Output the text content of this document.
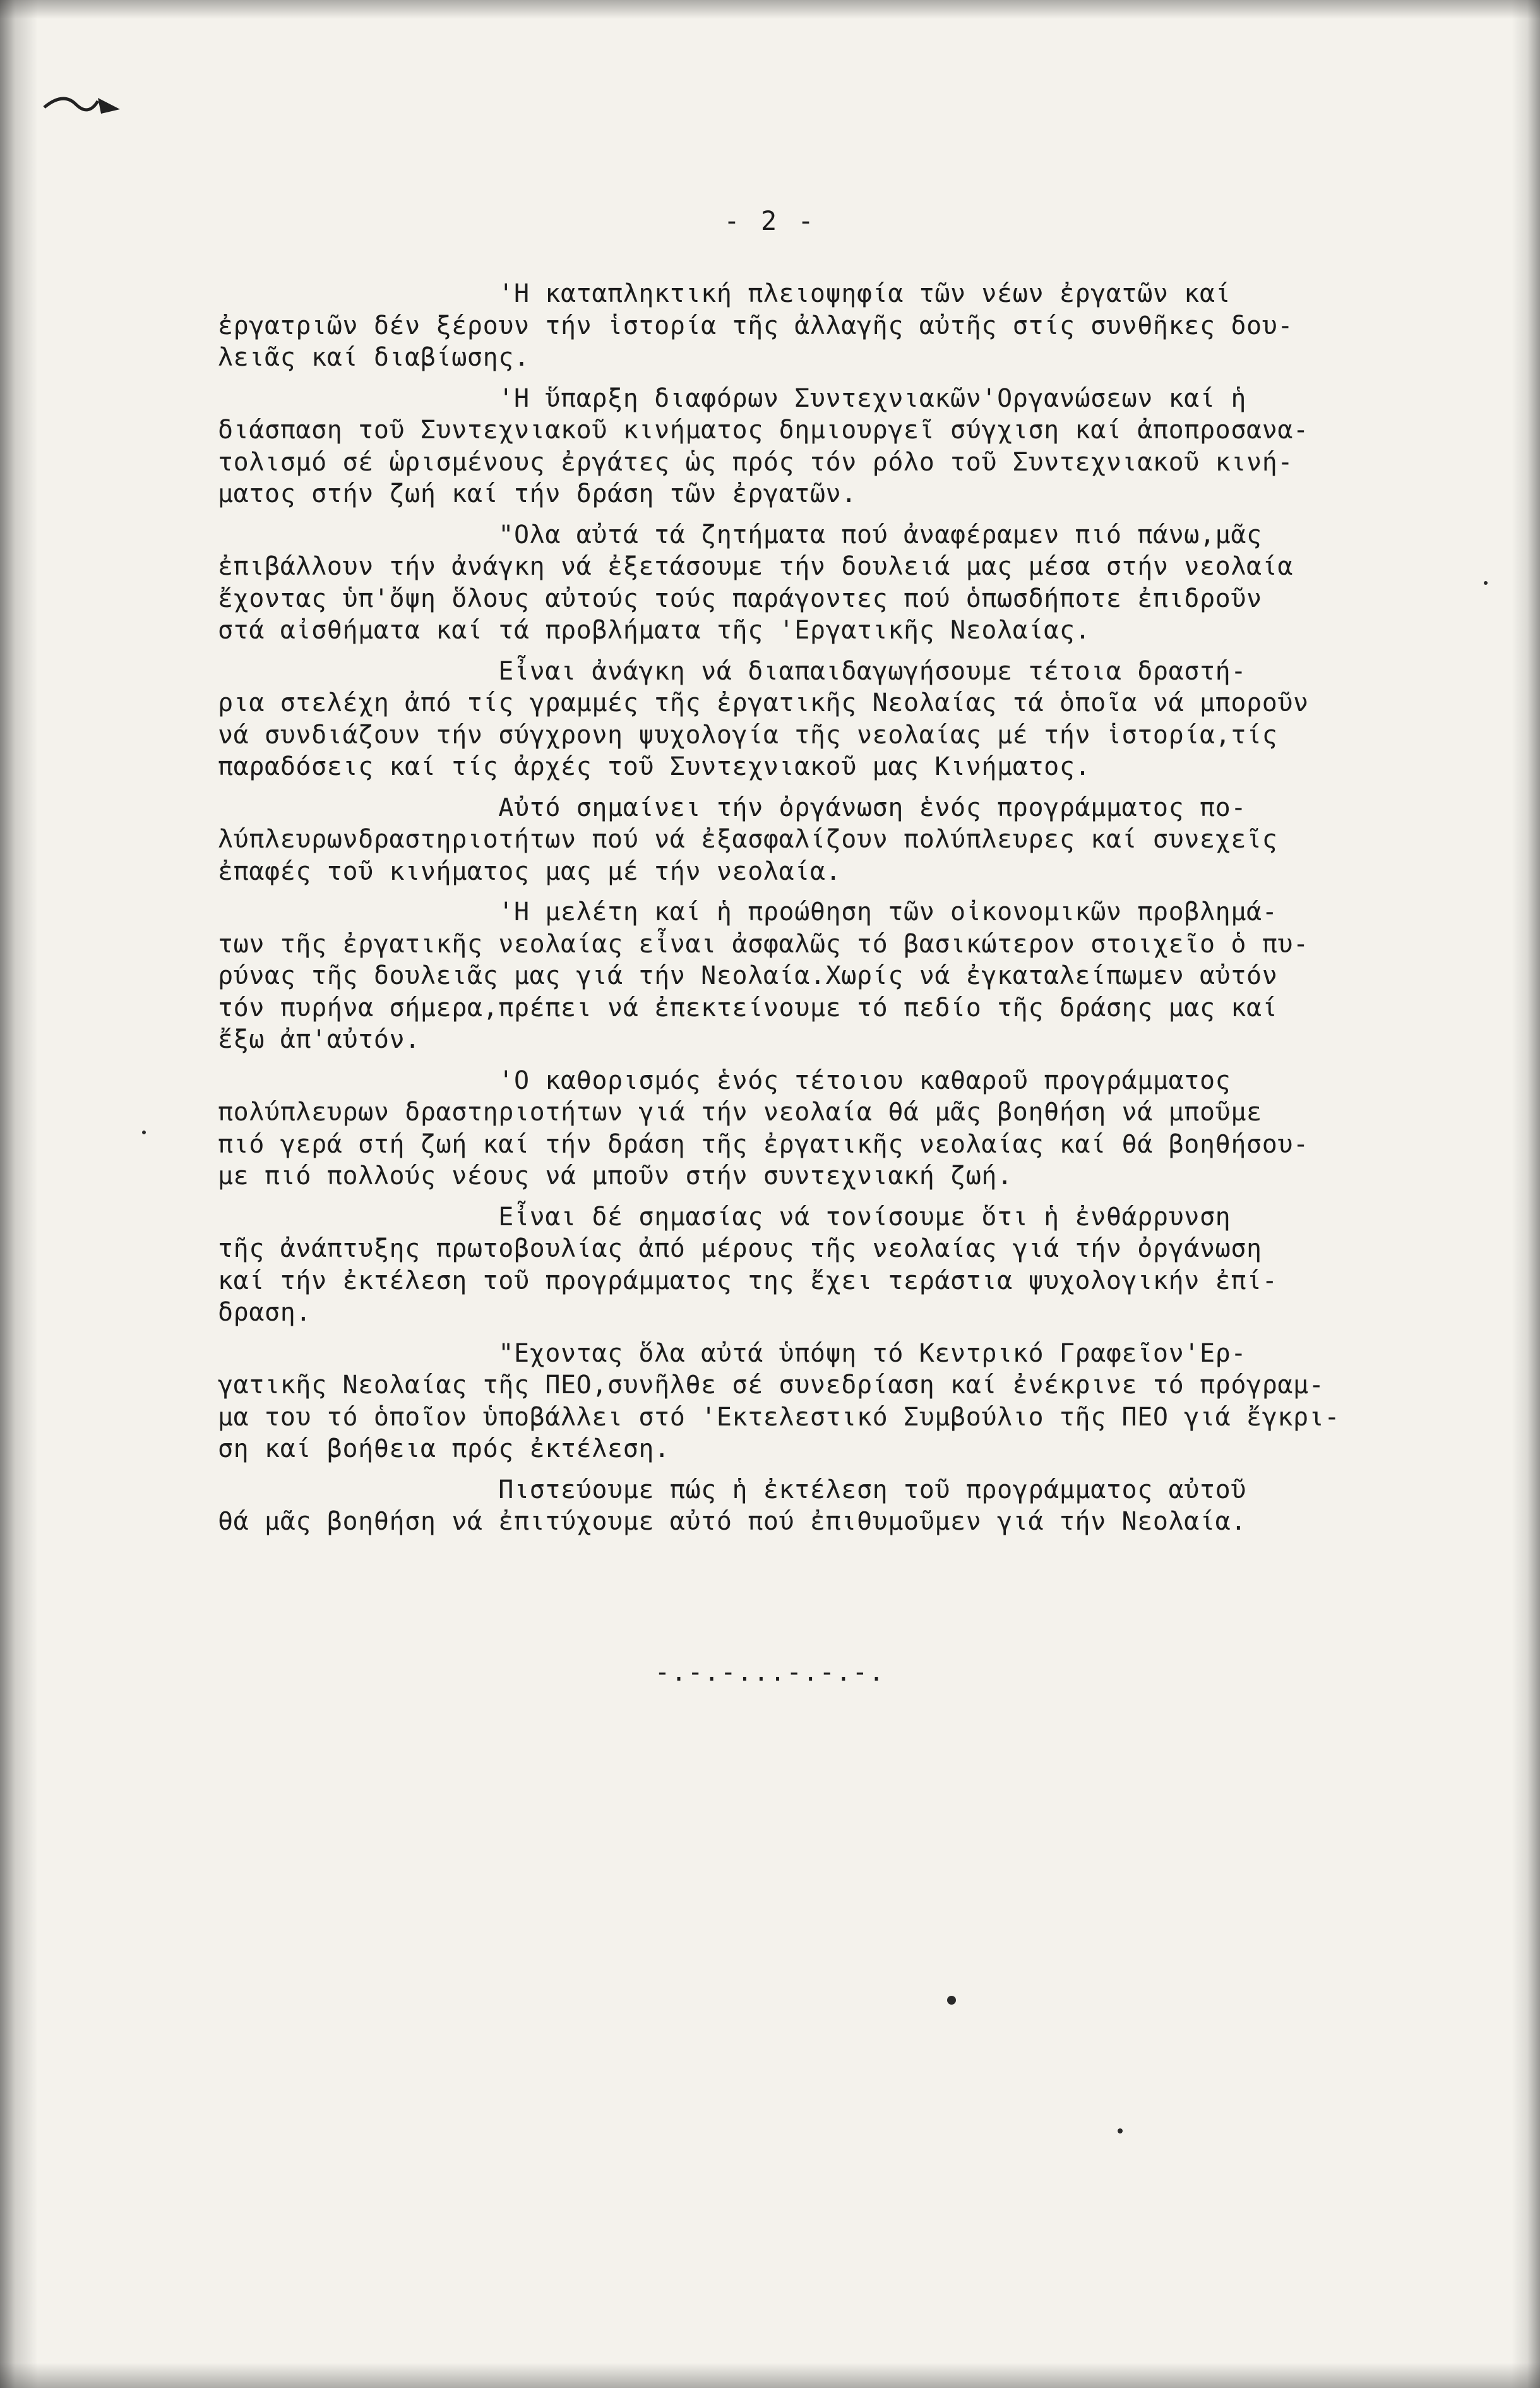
- 2 -

'Η καταπληκτική πλειοψηφία τῶν νέων ἐργατῶν καί
ἐργατριῶν δέν ξέρουν τήν ἱστορία τῆς ἀλλαγῆς αὐτῆς στίς συνθῆκες δου-
λειᾶς καί διαβίωσης.

'Η ὕπαρξη διαφόρων Συντεχνιακῶν'Οργανώσεων καί ἡ
διάσπαση τοῦ Συντεχνιακοῦ κινήματος δημιουργεῖ σύγχιση καί ἀποπροσανα-
τολισμό σέ ὡρισμένους ἐργάτες ὡς πρός τόν ρόλο τοῦ Συντεχνιακοῦ κινή-
ματος στήν ζωή καί τήν δράση τῶν ἐργατῶν.

"Ολα αὐτά τά ζητήματα πού ἀναφέραμεν πιό πάνω,μᾶς
ἐπιβάλλουν τήν ἀνάγκη νά ἐξετάσουμε τήν δουλειά μας μέσα στήν νεολαία
ἔχοντας ὑπ'ὄψη ὅλους αὐτούς τούς παράγοντες πού ὁπωσδήποτε ἐπιδροῦν
στά αἰσθήματα καί τά προβλήματα τῆς 'Εργατικῆς Νεολαίας.

Εἶναι ἀνάγκη νά διαπαιδαγωγήσουμε τέτοια δραστή-
ρια στελέχη ἀπό τίς γραμμές τῆς ἐργατικῆς Νεολαίας τά ὁποῖα νά μποροῦν
νά συνδιάζουν τήν σύγχρονη ψυχολογία τῆς νεολαίας μέ τήν ἱστορία,τίς
παραδόσεις καί τίς ἀρχές τοῦ Συντεχνιακοῦ μας Κινήματος.

Αὐτό σημαίνει τήν ὀργάνωση ἑνός προγράμματος πο-
λύπλευρωνδραστηριοτήτων πού νά ἐξασφαλίζουν πολύπλευρες καί συνεχεῖς
ἐπαφές τοῦ κινήματος μας μέ τήν νεολαία.

'Η μελέτη καί ἡ προώθηση τῶν οἰκονομικῶν προβλημά-
των τῆς ἐργατικῆς νεολαίας εἶναι ἀσφαλῶς τό βασικώτερον στοιχεῖο ὁ πυ-
ρύνας τῆς δουλειᾶς μας γιά τήν Νεολαία.Χωρίς νά ἐγκαταλείπωμεν αὐτόν
τόν πυρήνα σήμερα,πρέπει νά ἐπεκτείνουμε τό πεδίο τῆς δράσης μας καί
ἔξω ἀπ'αὐτόν.

'Ο καθορισμός ἑνός τέτοιου καθαροῦ προγράμματος
πολύπλευρων δραστηριοτήτων γιά τήν νεολαία θά μᾶς βοηθήση νά μποῦμε
πιό γερά στή ζωή καί τήν δράση τῆς ἐργατικῆς νεολαίας καί θά βοηθήσου-
με πιό πολλούς νέους νά μποῦν στήν συντεχνιακή ζωή.

Εἶναι δέ σημασίας νά τονίσουμε ὅτι ἡ ἐνθάρρυνση
τῆς ἀνάπτυξης πρωτοβουλίας ἀπό μέρους τῆς νεολαίας γιά τήν ὀργάνωση
καί τήν ἐκτέλεση τοῦ προγράμματος της ἔχει τεράστια ψυχολογικήν ἐπί-
δραση.

"Εχοντας ὅλα αὐτά ὑπόψη τό Κεντρικό Γραφεῖον'Ερ-
γατικῆς Νεολαίας τῆς ΠΕΟ,συνῆλθε σέ συνεδρίαση καί ἐνέκρινε τό πρόγραμ-
μα του τό ὁποῖον ὑποβάλλει στό 'Εκτελεστικό Συμβούλιο τῆς ΠΕΟ γιά ἔγκρι-
ση καί βοήθεια πρός ἐκτέλεση.

Πιστεύουμε πώς ἡ ἐκτέλεση τοῦ προγράμματος αὐτοῦ
θά μᾶς βοηθήση νά ἐπιτύχουμε αὐτό πού ἐπιθυμοῦμεν γιά τήν Νεολαία.

-.-.-...-.-.-.
